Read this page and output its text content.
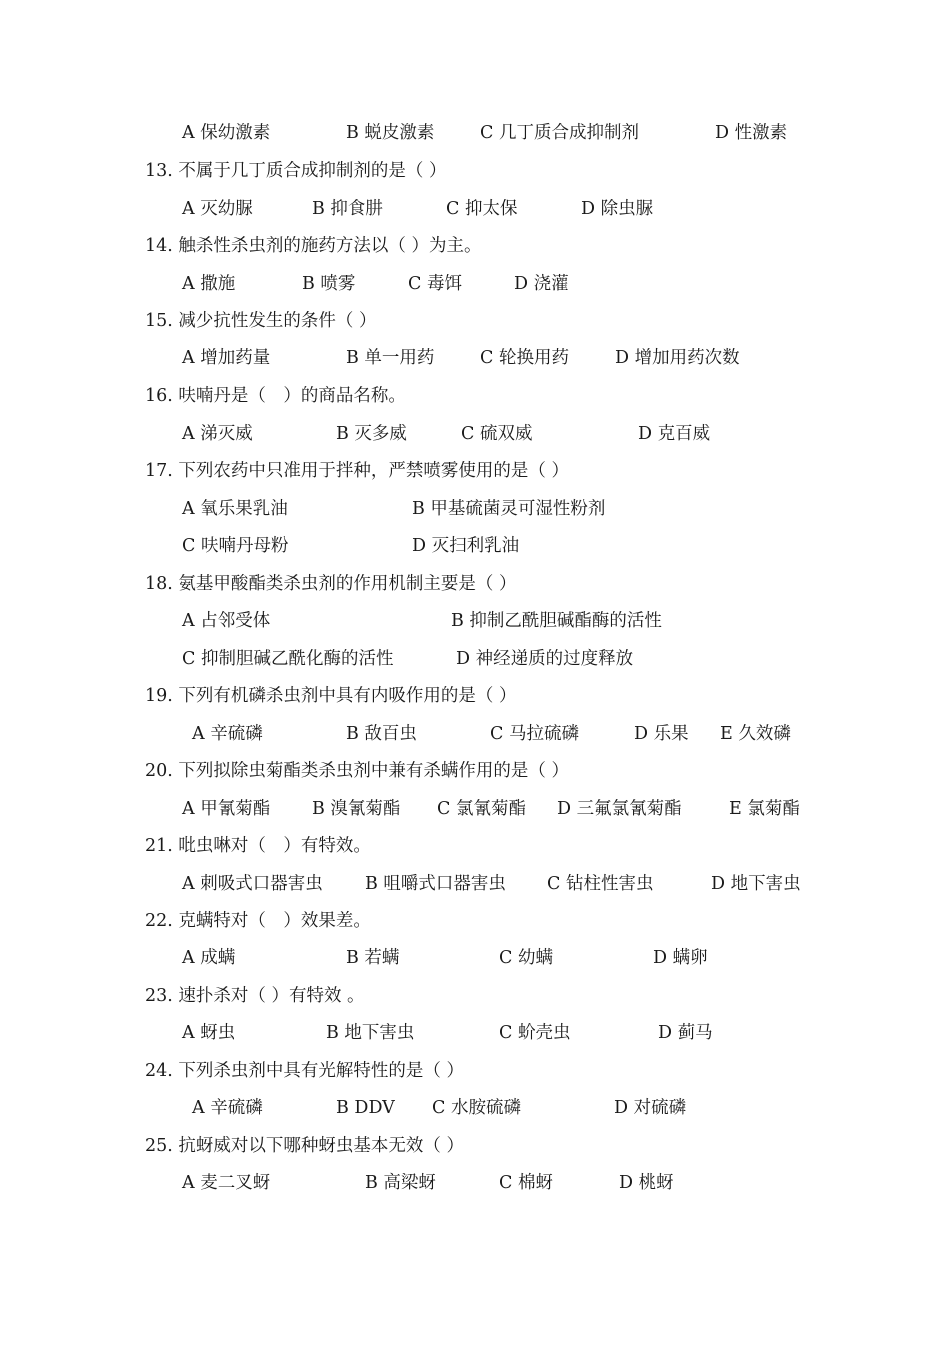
A 保幼激素	B 蜕皮激素	C 几丁质合成抑制剂	D 性激素
13. 不属于几丁质合成抑制剂的是（ ）
A 灭幼脲	B 抑食肼	C 抑太保	D 除虫脲
14. 触杀性杀虫剂的施药方法以（ ）为主。
A 撒施	B 喷雾	C 毒饵	D 浇灌
15. 减少抗性发生的条件（ ）
A 增加药量	B 单一用药	C 轮换用药	D 增加用药次数
16. 呋喃丹是（　）的商品名称。
A 涕灭威	B 灭多威	C 硫双威	D 克百威
17. 下列农药中只准用于拌种，严禁喷雾使用的是（ ）
A 氧乐果乳油	B 甲基硫菌灵可湿性粉剂
C 呋喃丹母粉	D 灭扫利乳油
18. 氨基甲酸酯类杀虫剂的作用机制主要是（ ）
A 占邻受体	B 抑制乙酰胆碱酯酶的活性
C 抑制胆碱乙酰化酶的活性	D 神经递质的过度释放
19. 下列有机磷杀虫剂中具有内吸作用的是（ ）
A 辛硫磷	B 敌百虫	C 马拉硫磷	D 乐果 E 久效磷
20. 下列拟除虫菊酯类杀虫剂中兼有杀螨作用的是（ ）
A 甲氰菊酯 B 溴氰菊酯 C 氯氰菊酯 D 三氟氯氰菊酯	E 氯菊酯
21. 吡虫啉对（　）有特效。
A 刺吸式口器害虫 B 咀嚼式口器害虫 C 钻柱性害虫	D 地下害虫
22. 克螨特对（　）效果差。
A 成螨	B 若螨	C 幼螨	D 螨卵
23. 速扑杀对（ ）有特效 。
A 蚜虫	B 地下害虫	C 蚧壳虫	D 蓟马
24. 下列杀虫剂中具有光解特性的是（ ）
A 辛硫磷	B DDV C 水胺硫磷	D 对硫磷
25. 抗蚜威对以下哪种蚜虫基本无效（ ）
A 麦二叉蚜	B 高梁蚜	C 棉蚜	D 桃蚜
